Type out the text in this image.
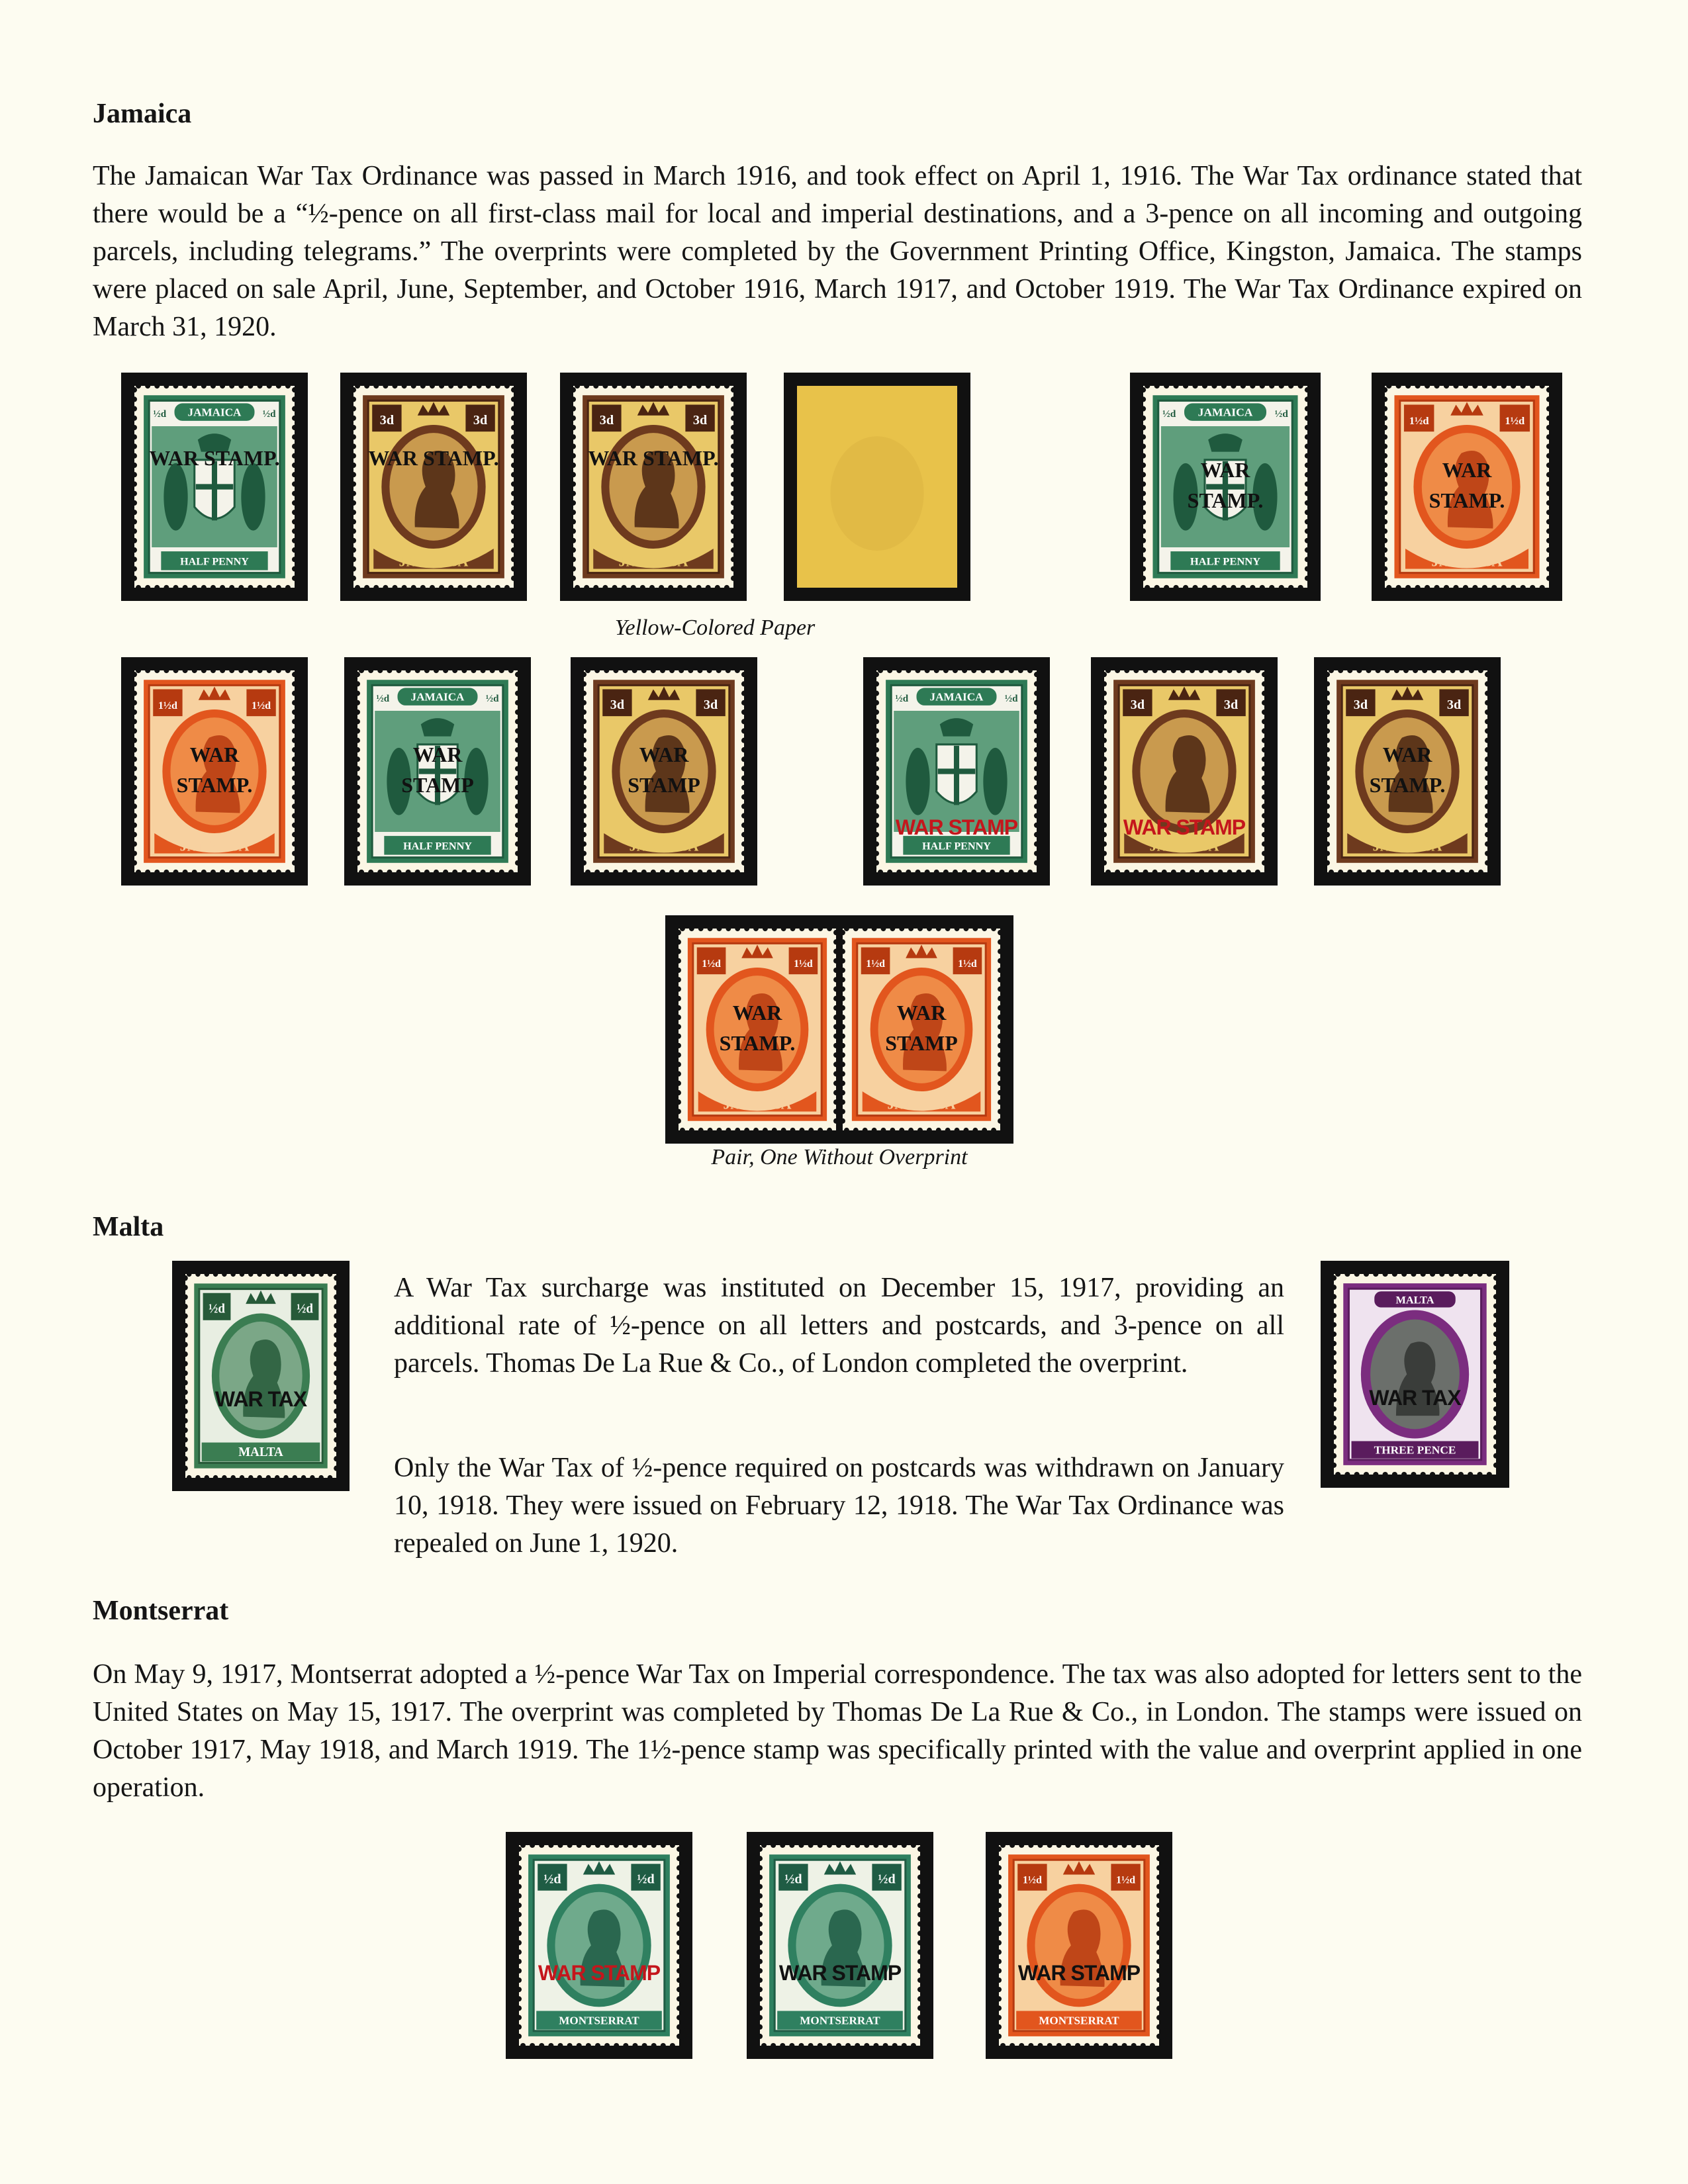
Jamaica

The Jamaican War Tax Ordinance was passed in March 1916, and took effect on April 1, 1916. The War Tax ordinance stated that there would be a “½-pence on all first-class mail for local and imperial destinations, and a 3-pence on all incoming and outgoing parcels, including telegrams.” The overprints were completed by the Government Printing Office, Kingston, Jamaica. The stamps were placed on sale April, June, September, and October 1916, March 1917, and October 1919. The War Tax Ordinance expired on March 31, 1920.

JAMAICA
½d	½d
HALF PENNY
WAR STAMP.
3d	3d
JAMAICA
WAR STAMP.
3d	3d
JAMAICA
WAR STAMP.
JAMAICA
½d	½d
HALF PENNY
WAR
STAMP.
1½d	1½d
JAMAICA
WAR
STAMP.
1½d	1½d
JAMAICA
WAR
STAMP.
JAMAICA
½d	½d
HALF PENNY
WAR
STAMP
3d	3d
JAMAICA
WAR
STAMP
JAMAICA
½d	½d
HALF PENNY
WAR STAMP
3d	3d
JAMAICA
WAR STAMP
3d	3d
JAMAICA
WAR
STAMP.
1½d	1½d
JAMAICA
WAR
STAMP.
1½d	1½d
JAMAICA
WAR
STAMP
½d	½d
MALTA
WAR TAX
MALTA
THREE PENCE
WAR TAX
½d	½d
MONTSERRAT
WAR STAMP
½d	½d
MONTSERRAT
WAR STAMP
1½d	1½d
MONTSERRAT
WAR STAMP
Yellow-Colored Paper
Pair, One Without Overprint
Malta

A War Tax surcharge was instituted on December 15, 1917, providing an additional rate of ½-pence on all letters and postcards, and 3-pence on all parcels. Thomas De La Rue & Co., of London completed the overprint.

Only the War Tax of ½-pence required on postcards was withdrawn on January 10, 1918. They were issued on February 12, 1918. The War Tax Ordinance was repealed on June 1, 1920.

Montserrat

On May 9, 1917, Montserrat adopted a ½-pence War Tax on Imperial correspondence. The tax was also adopted for letters sent to the United States on May 15, 1917. The overprint was completed by Thomas De La Rue & Co., in London. The stamps were issued on October 1917, May 1918, and March 1919. The 1½-pence stamp was specifically printed with the value and overprint applied in one operation.
